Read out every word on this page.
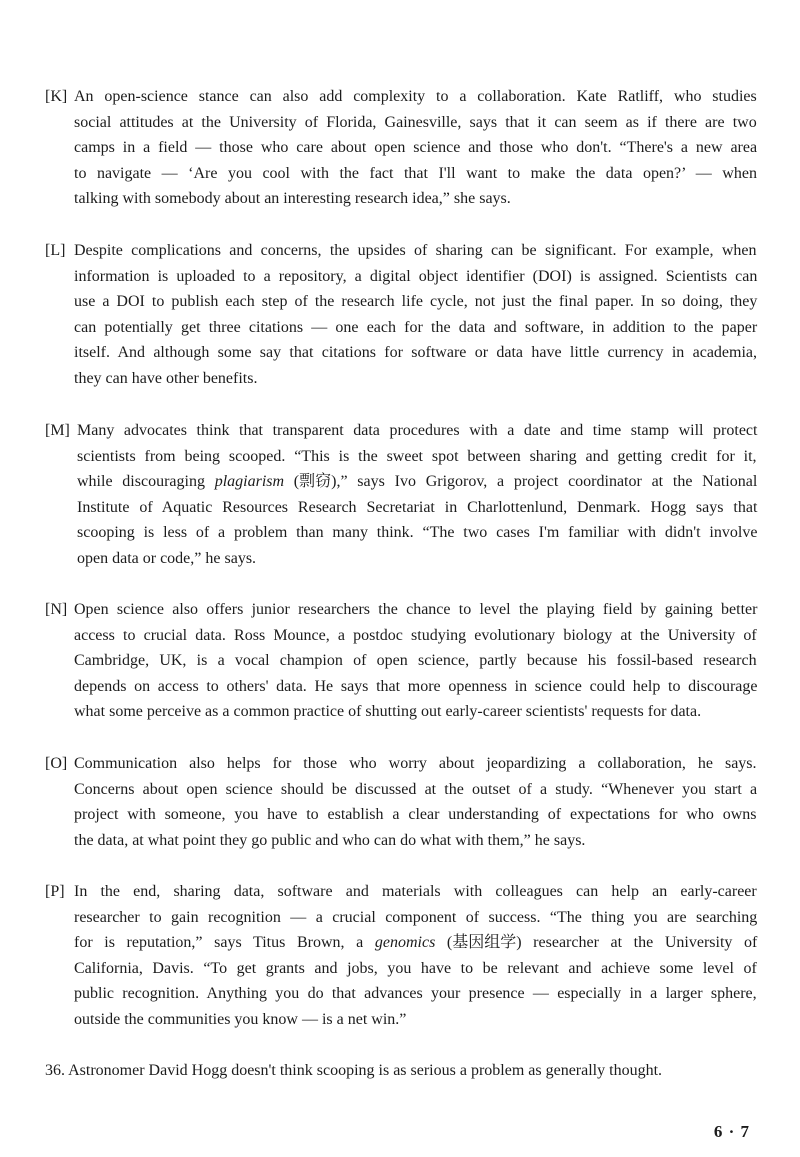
[K] An open-science stance can also add complexity to a collaboration. Kate Ratliff, who studies
social attitudes at the University of Florida, Gainesville, says that it can seem as if there are two
camps in a field — those who care about open science and those who don't. “There's a new area
to navigate — ‘Are you cool with the fact that I'll want to make the data open?’ — when
talking with somebody about an interesting research idea,” she says.
[L] Despite complications and concerns, the upsides of sharing can be significant. For example, when
information is uploaded to a repository, a digital object identifier (DOI) is assigned. Scientists can
use a DOI to publish each step of the research life cycle, not just the final paper. In so doing, they
can potentially get three citations — one each for the data and software, in addition to the paper
itself. And although some say that citations for software or data have little currency in academia,
they can have other benefits.
[M] Many advocates think that transparent data procedures with a date and time stamp will protect
scientists from being scooped. “This is the sweet spot between sharing and getting credit for it,
while discouraging plagiarism (剽窃),” says Ivo Grigorov, a project coordinator at the National
Institute of Aquatic Resources Research Secretariat in Charlottenlund, Denmark. Hogg says that
scooping is less of a problem than many think. “The two cases I'm familiar with didn't involve
open data or code,” he says.
[N] Open science also offers junior researchers the chance to level the playing field by gaining better
access to crucial data. Ross Mounce, a postdoc studying evolutionary biology at the University of
Cambridge, UK, is a vocal champion of open science, partly because his fossil-based research
depends on access to others' data. He says that more openness in science could help to discourage
what some perceive as a common practice of shutting out early-career scientists' requests for data.
[O] Communication also helps for those who worry about jeopardizing a collaboration, he says.
Concerns about open science should be discussed at the outset of a study. “Whenever you start a
project with someone, you have to establish a clear understanding of expectations for who owns
the data, at what point they go public and who can do what with them,” he says.
[P] In the end, sharing data, software and materials with colleagues can help an early-career
researcher to gain recognition — a crucial component of success. “The thing you are searching
for is reputation,” says Titus Brown, a genomics (基因组学) researcher at the University of
California, Davis. “To get grants and jobs, you have to be relevant and achieve some level of
public recognition. Anything you do that advances your presence — especially in a larger sphere,
outside the communities you know — is a net win.”
36. Astronomer David Hogg doesn't think scooping is as serious a problem as generally thought.
6 · 7
